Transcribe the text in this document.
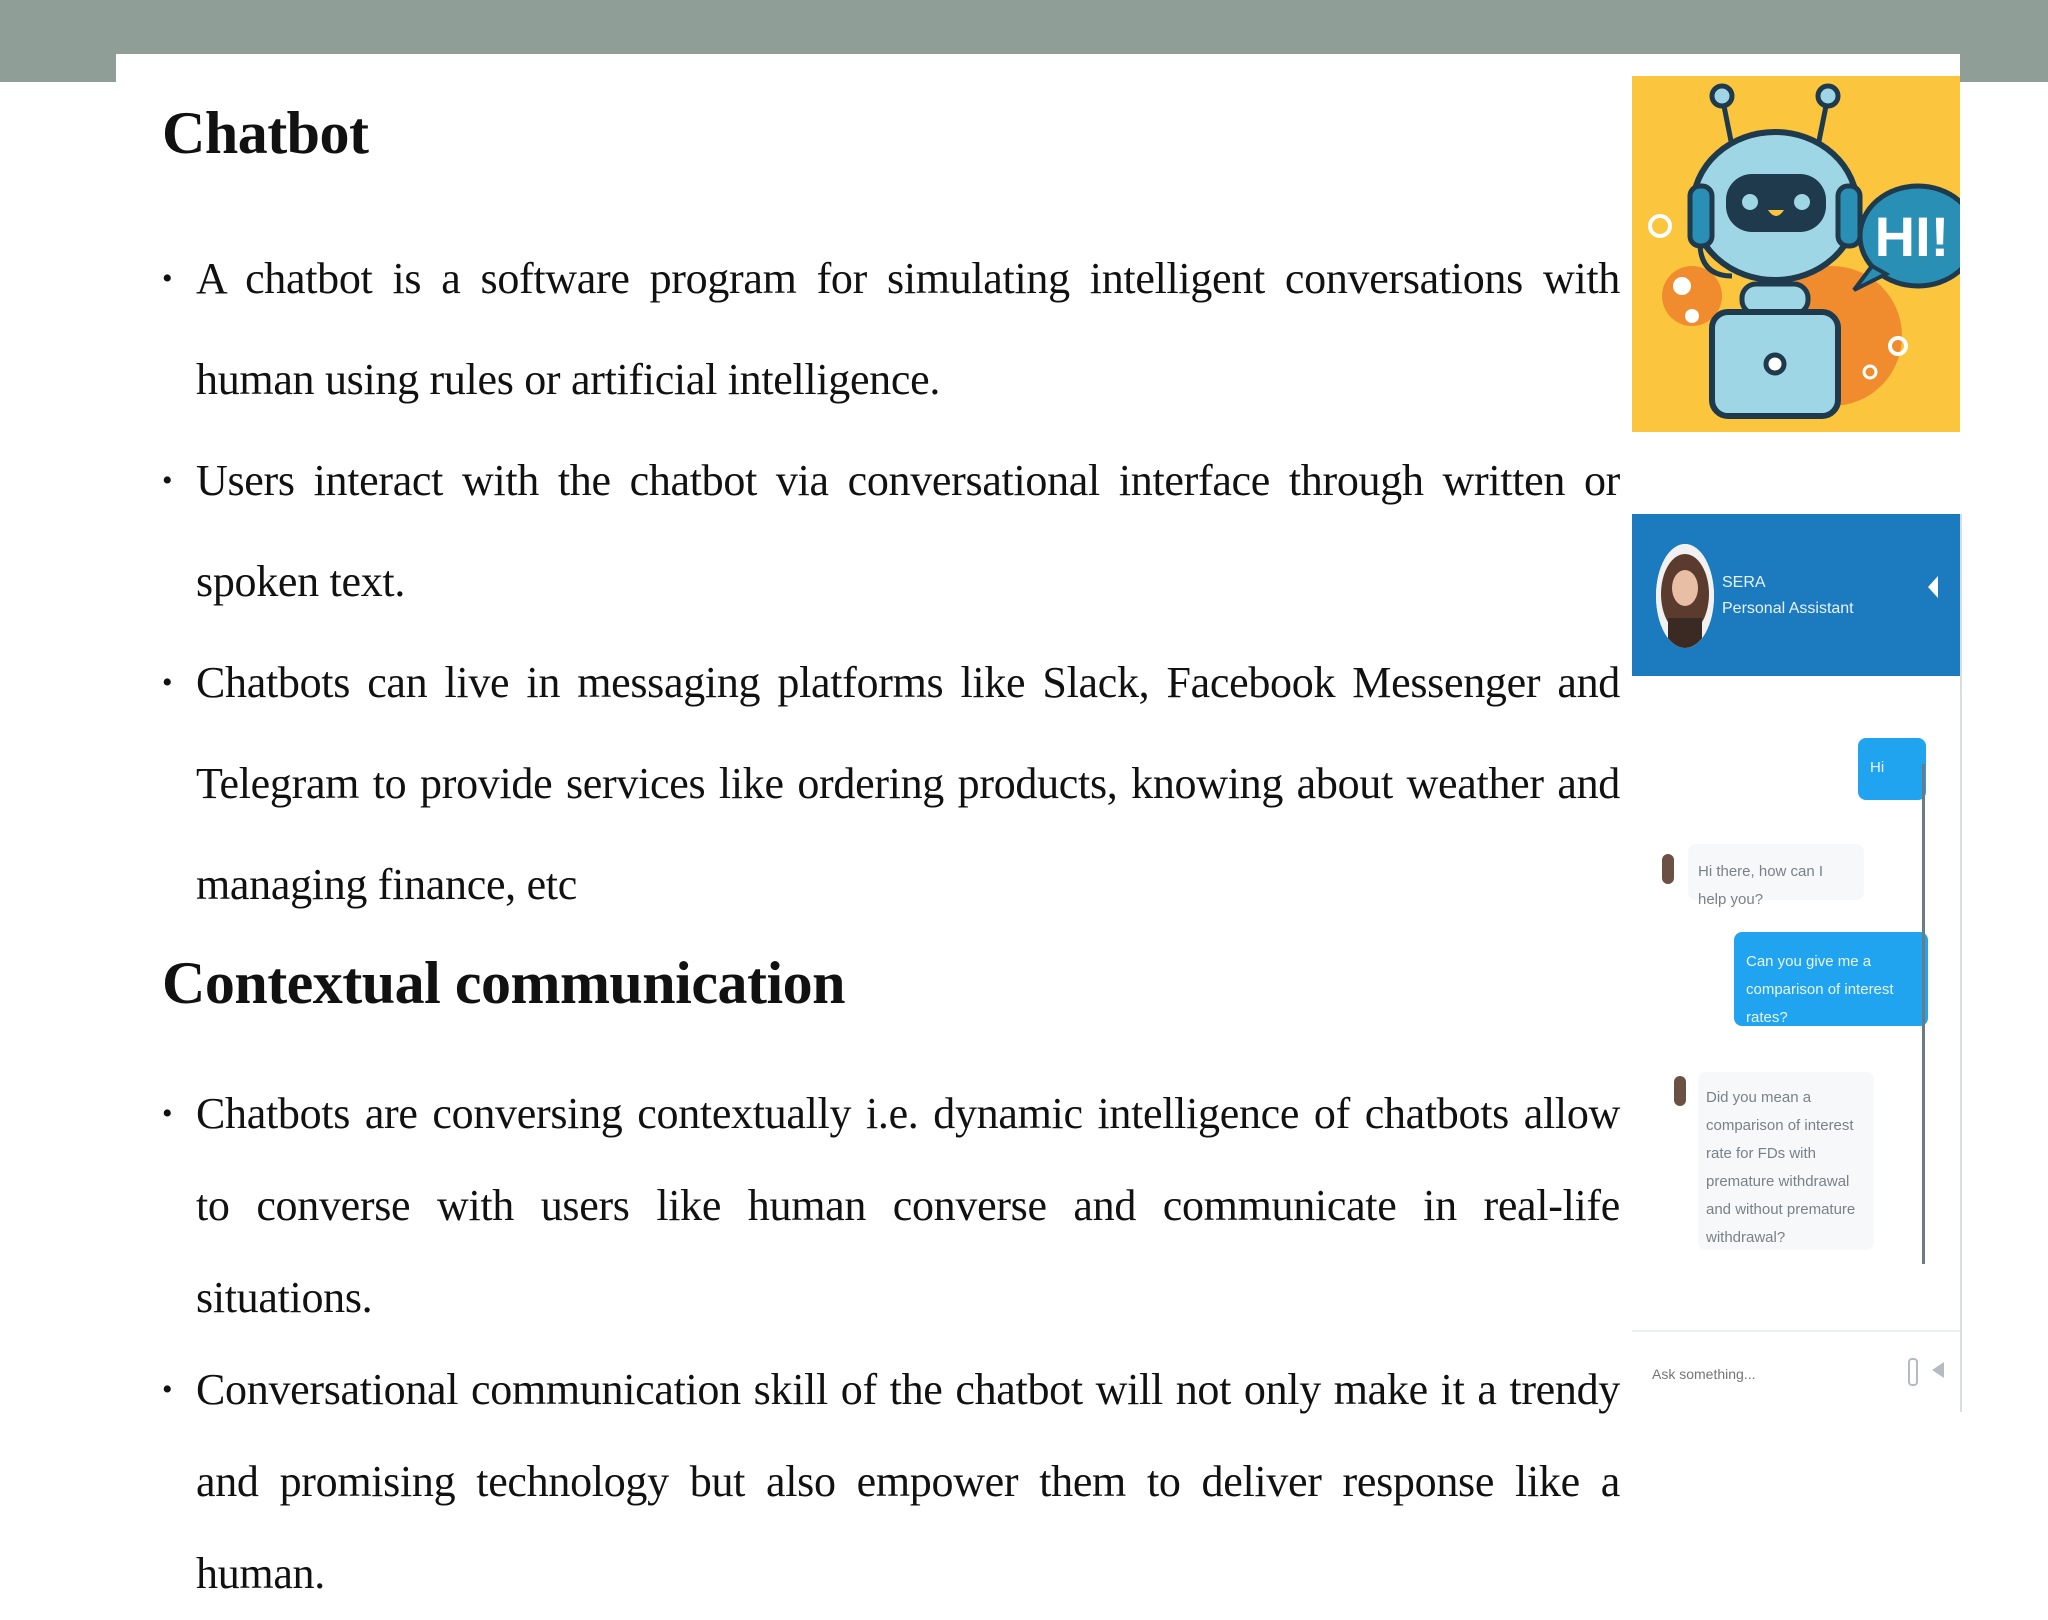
Chatbot
• A chatbot is a software program for simulating intelligent conversations with human using rules or artificial intelligence.
• Users interact with the chatbot via conversational interface through written or spoken text.
• Chatbots can live in messaging platforms like Slack, Facebook Messenger and Telegram to provide services like ordering products, knowing about weather and managing finance, etc
Contextual communication
• Chatbots are conversing contextually i.e. dynamic intelligence of chatbots allow to converse with users like human converse and communicate in real-life situations.
• Conversational communication skill of the chatbot will not only make it a trendy and promising technology but also empower them to deliver response like a human.
HI!
SERA
Personal Assistant
Hi
Hi there, how can I help you?
Can you give me a comparison of interest rates?
Did you mean a comparison of interest rate for FDs with premature withdrawal and without premature withdrawal?
Ask something...
